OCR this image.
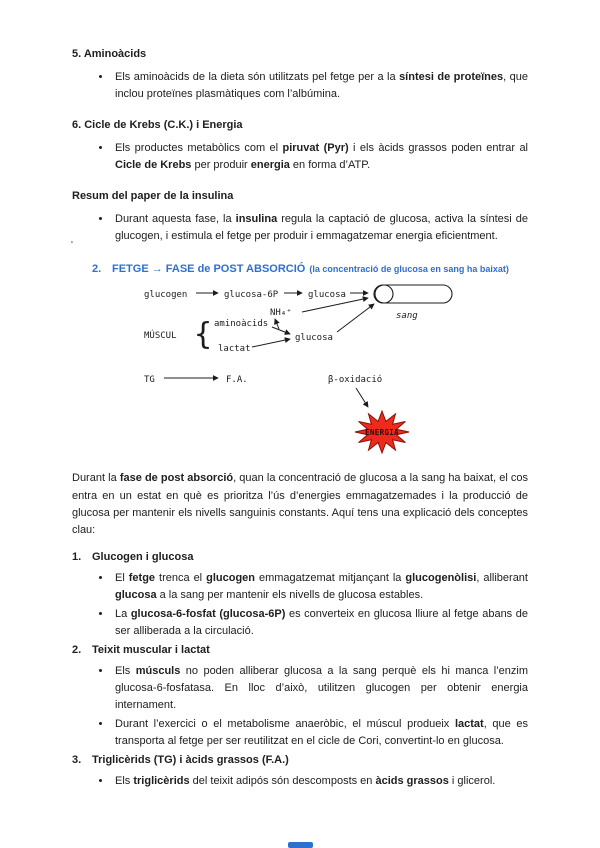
5. Aminoàcids
• Els aminoàcids de la dieta són utilitzats pel fetge per a la síntesi de proteïnes, que inclou proteïnes plasmàtiques com l’albúmina.
6. Cicle de Krebs (C.K.) i Energia
• Els productes metabòlics com el piruvat (Pyr) i els àcids grassos poden entrar al Cicle de Krebs per produir energia en forma d’ATP.
Resum del paper de la insulina
• Durant aquesta fase, la insulina regula la captació de glucosa, activa la síntesi de glucogen, i estimula el fetge per produir i emmagatzemar energia eficientment.
2. FETGE → FASE de POST ABSORCIÓ (la concentració de glucosa en sang ha baixat)
glucogen	glucosa-6P	glucosa
sang
MÚSCUL { aminoàcids
lactat
NH₄⁺
glucosa
TG	F.A.	β-oxidació
ENERGIA

Durant la fase de post absorció, quan la concentració de glucosa a la sang ha baixat, el cos entra en un estat en què es prioritza l’ús d’energies emmagatzemades i la producció de glucosa per mantenir els nivells sanguinis constants. Aquí tens una explicació dels conceptes clau:

1. Glucogen i glucosa
• El fetge trenca el glucogen emmagatzemat mitjançant la glucogenòlisi, alliberant glucosa a la sang per mantenir els nivells de glucosa estables.
• La glucosa-6-fosfat (glucosa-6P) es converteix en glucosa lliure al fetge abans de ser alliberada a la circulació.
2. Teixit muscular i lactat
• Els músculs no poden alliberar glucosa a la sang perquè els hi manca l’enzim glucosa-6-fosfatasa. En lloc d’això, utilitzen glucogen per obtenir energia internament.
• Durant l’exercici o el metabolisme anaeròbic, el múscul produeix lactat, que es transporta al fetge per ser reutilitzat en el cicle de Cori, convertint-lo en glucosa.
3. Triglicèrids (TG) i àcids grassos (F.A.)
• Els triglicèrids del teixit adipós són descomposts en àcids grassos i glicerol.
'
